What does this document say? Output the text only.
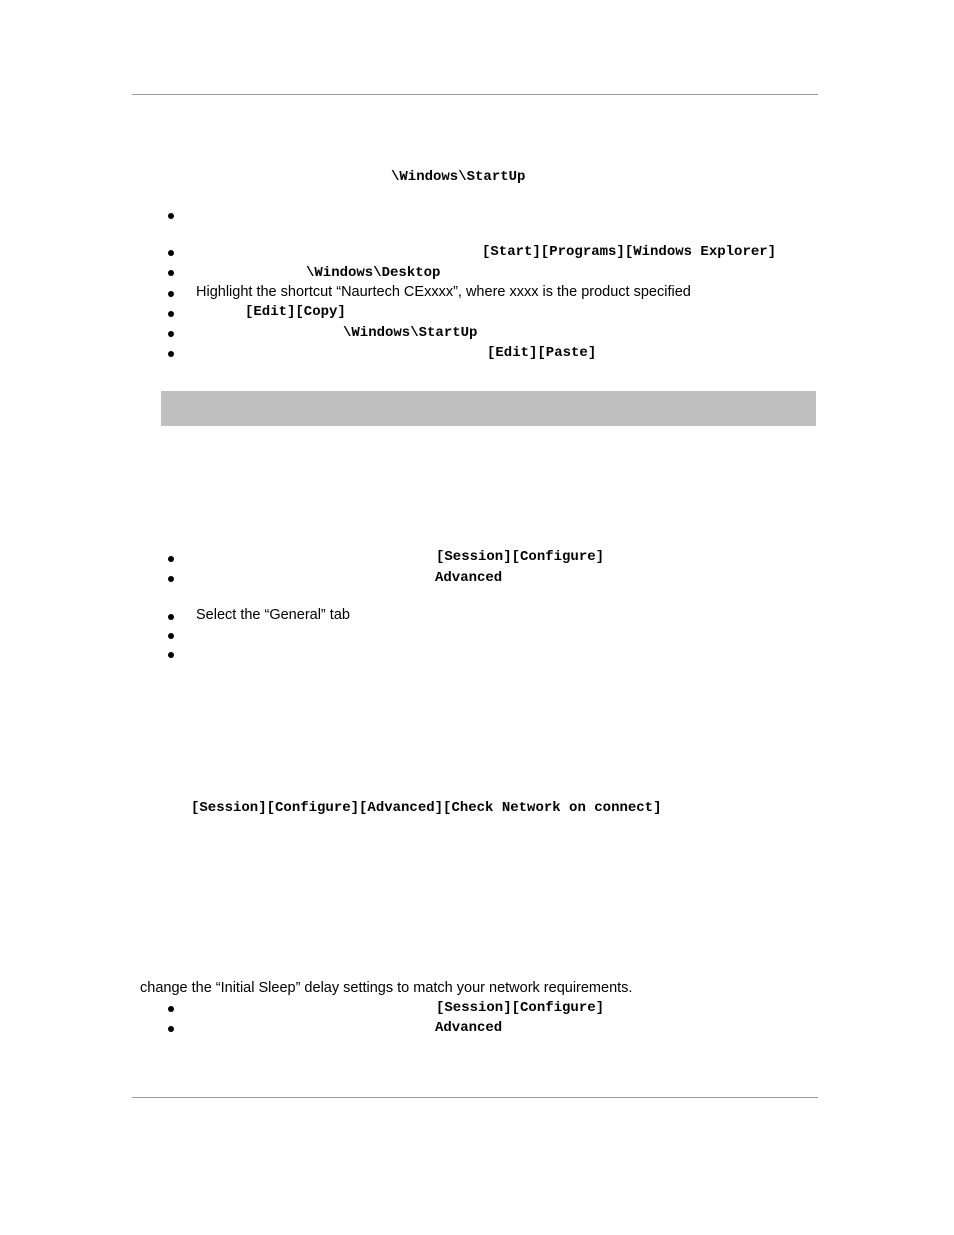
\Windows\StartUp
[Start][Programs][Windows Explorer]
\Windows\Desktop
Highlight the shortcut “Naurtech CExxxx”, where xxxx is the product specified
[Edit][Copy]
\Windows\StartUp
[Edit][Paste]
[Session][Configure]
Advanced
Select the “General” tab
[Session][Configure][Advanced][Check Network on connect]
change the “Initial Sleep” delay settings to match your network requirements.
[Session][Configure]
Advanced
